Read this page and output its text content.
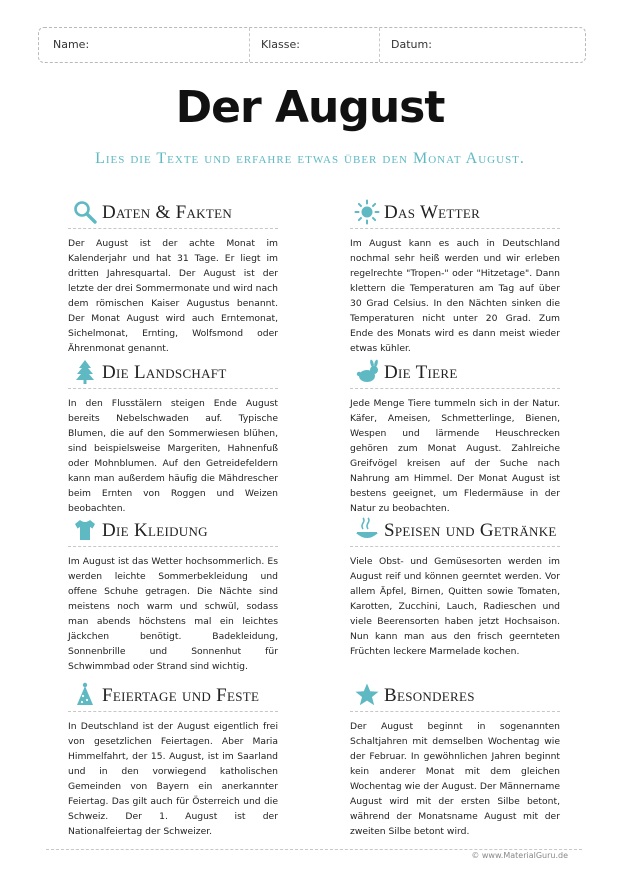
Name:	Klasse:	Datum:
Der August
Lies die Texte und erfahre etwas über den Monat August.
Daten & Fakten
Der August ist der achte Monat im Kalenderjahr und hat 31 Tage. Er liegt im dritten Jahresquartal. Der August ist der letzte der drei Sommermonate und wird nach dem römischen Kaiser Augustus benannt. Der Monat August wird auch Erntemonat, Sichelmonat, Ernting, Wolfsmond oder Ährenmonat genannt.
Das Wetter
Im August kann es auch in Deutschland nochmal sehr heiß werden und wir erleben regelrechte "Tropen-" oder "Hitzetage". Dann klettern die Temperaturen am Tag auf über 30 Grad Celsius. In den Nächten sinken die Temperaturen nicht unter 20 Grad. Zum Ende des Monats wird es dann meist wieder etwas kühler.
Die Landschaft
In den Flusstälern steigen Ende August bereits Nebelschwaden auf. Typische Blumen, die auf den Sommerwiesen blühen, sind beispielsweise Margeriten, Hahnenfuß oder Mohnblumen. Auf den Getreidefeldern kann man außerdem häufig die Mähdrescher beim Ernten von Roggen und Weizen beobachten.
Die Tiere
Jede Menge Tiere tummeln sich in der Natur. Käfer, Ameisen, Schmetterlinge, Bienen, Wespen und lärmende Heuschrecken gehören zum Monat August. Zahlreiche Greifvögel kreisen auf der Suche nach Nahrung am Himmel. Der Monat August ist bestens geeignet, um Fledermäuse in der Natur zu beobachten.
Die Kleidung
Im August ist das Wetter hochsommerlich. Es werden leichte Sommerbekleidung und offene Schuhe getragen. Die Nächte sind meistens noch warm und schwül, sodass man abends höchstens mal ein leichtes Jäckchen benötigt. Badekleidung, Sonnenbrille und Sonnenhut für Schwimmbad oder Strand sind wichtig.
Speisen und Getränke
Viele Obst- und Gemüsesorten werden im August reif und können geerntet werden. Vor allem Äpfel, Birnen, Quitten sowie Tomaten, Karotten, Zucchini, Lauch, Radieschen und viele Beerensorten haben jetzt Hochsaison. Nun kann man aus den frisch geernteten Früchten leckere Marmelade kochen.
Feiertage und Feste
In Deutschland ist der August eigentlich frei von gesetzlichen Feiertagen. Aber Maria Himmelfahrt, der 15. August, ist im Saarland und in den vorwiegend katholischen Gemeinden von Bayern ein anerkannter Feiertag. Das gilt auch für Österreich und die Schweiz. Der 1. August ist der Nationalfeiertag der Schweizer.
Besonderes
Der August beginnt in sogenannten Schaltjahren mit demselben Wochentag wie der Februar. In gewöhnlichen Jahren beginnt kein anderer Monat mit dem gleichen Wochentag wie der August. Der Männername August wird mit der ersten Silbe betont, während der Monatsname August mit der zweiten Silbe betont wird.
© www.MaterialGuru.de
